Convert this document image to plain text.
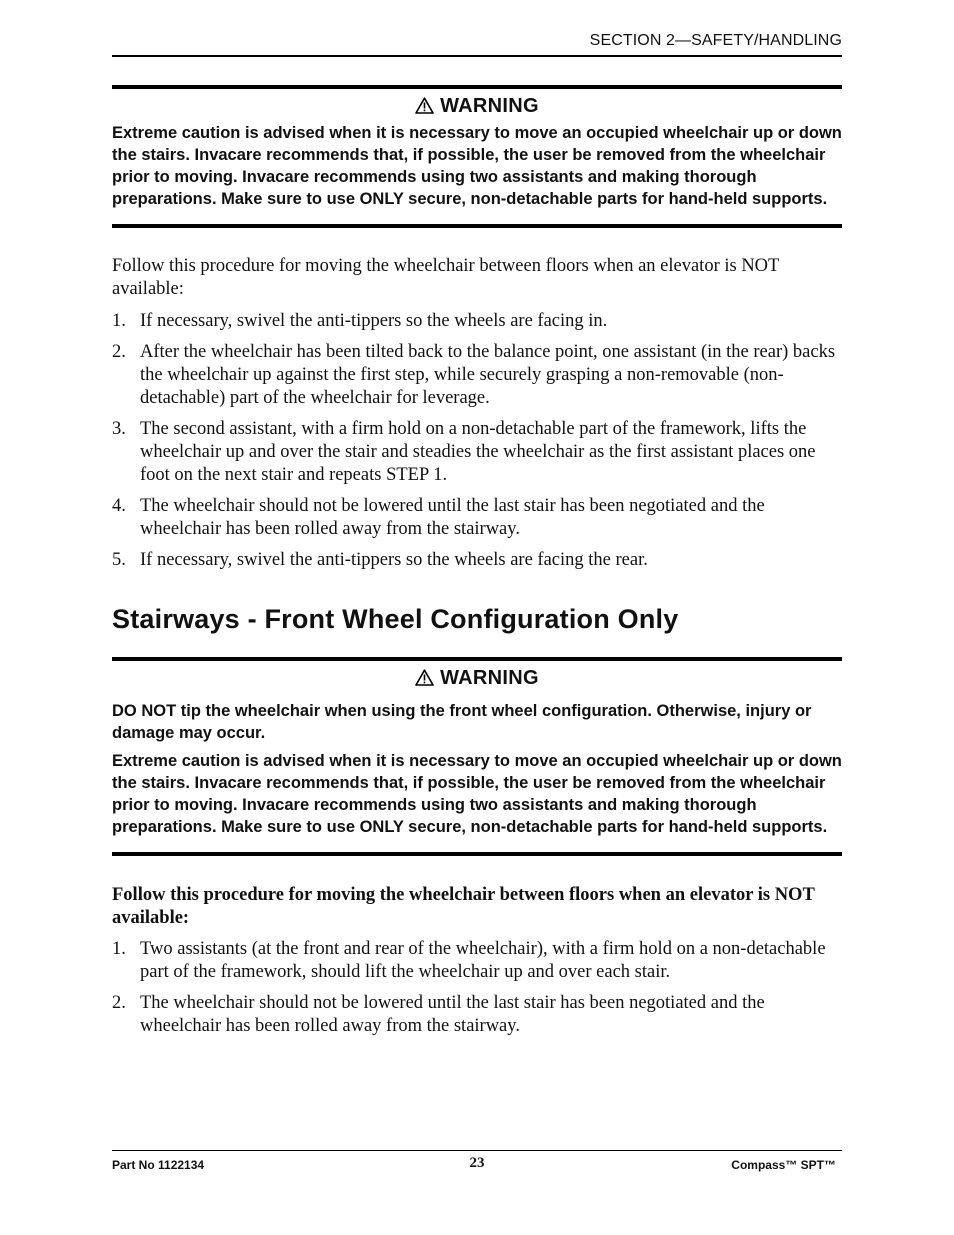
SECTION 2—SAFETY/HANDLING
WARNING

Extreme caution is advised when it is necessary to move an occupied wheelchair up or down the stairs. Invacare recommends that, if possible, the user be removed from the wheelchair prior to moving. Invacare recommends using two assistants and making thorough preparations. Make sure to use ONLY secure, non-detachable parts for hand-held supports.

Follow this procedure for moving the wheelchair between floors when an elevator is NOT available:

1. If necessary, swivel the anti-tippers so the wheels are facing in.
2. After the wheelchair has been tilted back to the balance point, one assistant (in the rear) backs the wheelchair up against the first step, while securely grasping a non-removable (non-detachable) part of the wheelchair for leverage.
3. The second assistant, with a firm hold on a non-detachable part of the framework, lifts the wheelchair up and over the stair and steadies the wheelchair as the first assistant places one foot on the next stair and repeats STEP 1.
4. The wheelchair should not be lowered until the last stair has been negotiated and the wheelchair has been rolled away from the stairway.
5. If necessary, swivel the anti-tippers so the wheels are facing the rear.
Stairways - Front Wheel Configuration Only
WARNING

DO NOT tip the wheelchair when using the front wheel configuration. Otherwise, injury or damage may occur.

Extreme caution is advised when it is necessary to move an occupied wheelchair up or down the stairs. Invacare recommends that, if possible, the user be removed from the wheelchair prior to moving. Invacare recommends using two assistants and making thorough preparations. Make sure to use ONLY secure, non-detachable parts for hand-held supports.

Follow this procedure for moving the wheelchair between floors when an elevator is NOT available:

1. Two assistants (at the front and rear of the wheelchair), with a firm hold on a non-detachable part of the framework, should lift the wheelchair up and over each stair.
2. The wheelchair should not be lowered until the last stair has been negotiated and the wheelchair has been rolled away from the stairway.
Part No 1122134	23	Compass™ SPT™
